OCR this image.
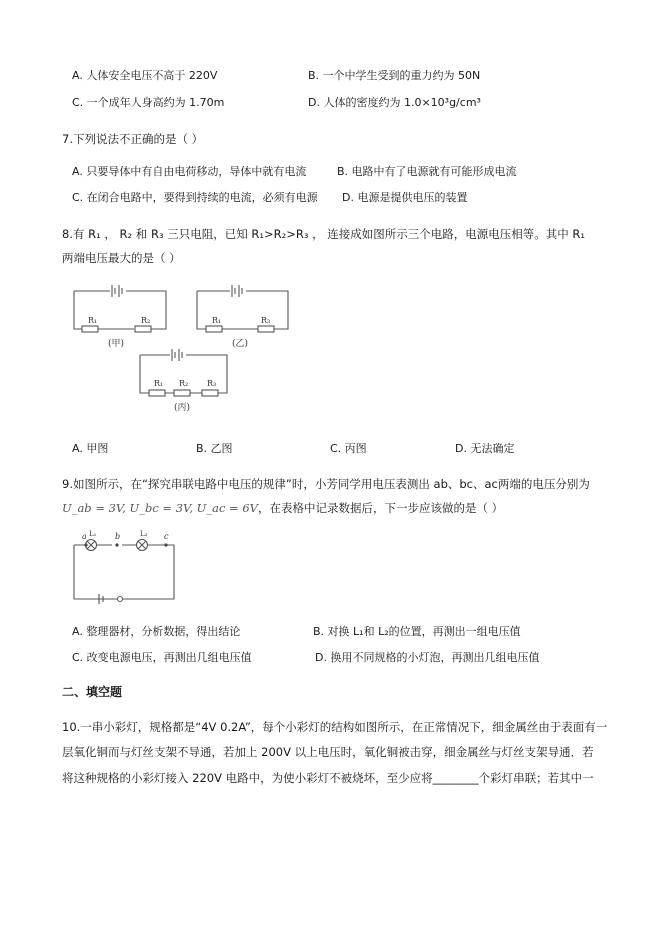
A. 人体安全电压不高于 220V	B. 一个中学生受到的重力约为 50N
C. 一个成年人身高约为 1.70m	D. 人体的密度约为 1.0×10³g/cm³
7.下列说法不正确的是（ ）
A. 只要导体中有自由电荷移动，导体中就有电流	B. 电路中有了电源就有可能形成电流
C. 在闭合电路中，要得到持续的电流，必须有电源 D. 电源是提供电压的装置
8.有 R₁ ， R₂ 和 R₃ 三只电阻，已知 R₁>R₂>R₃ ， 连接成如图所示三个电路，电源电压相等。其中 R₁
两端电压最大的是（ ）
R₁	R₂	R₁	R₃
R₁ R₂ R₃
(甲)	(乙)
(丙)
A. 甲图	B. 乙图	C. 丙图	D. 无法确定
9.如图所示，在“探究串联电路中电压的规律”时，小芳同学用电压表测出 ab、bc、ac两端的电压分别为
U_ab = 3V, U_bc = 3V, U_ac = 6V ，在表格中记录数据后，下一步应该做的是（ ）
a	b	c
L₁	L₂
A. 整理器材，分析数据，得出结论	B. 对换 L₁和 L₂的位置，再测出一组电压值
C. 改变电源电压，再测出几组电压值	D. 换用不同规格的小灯泡，再测出几组电压值
二、填空题
10.一串小彩灯，规格都是“4V 0.2A”，每个小彩灯的结构如图所示，在正常情况下，细金属丝由于表面有一
层氧化铜而与灯丝支架不导通，若加上 200V 以上电压时，氧化铜被击穿，细金属丝与灯丝支架导通．若
将这种规格的小彩灯接入 220V 电路中，为使小彩灯不被烧坏，至少应将________个彩灯串联；若其中一
